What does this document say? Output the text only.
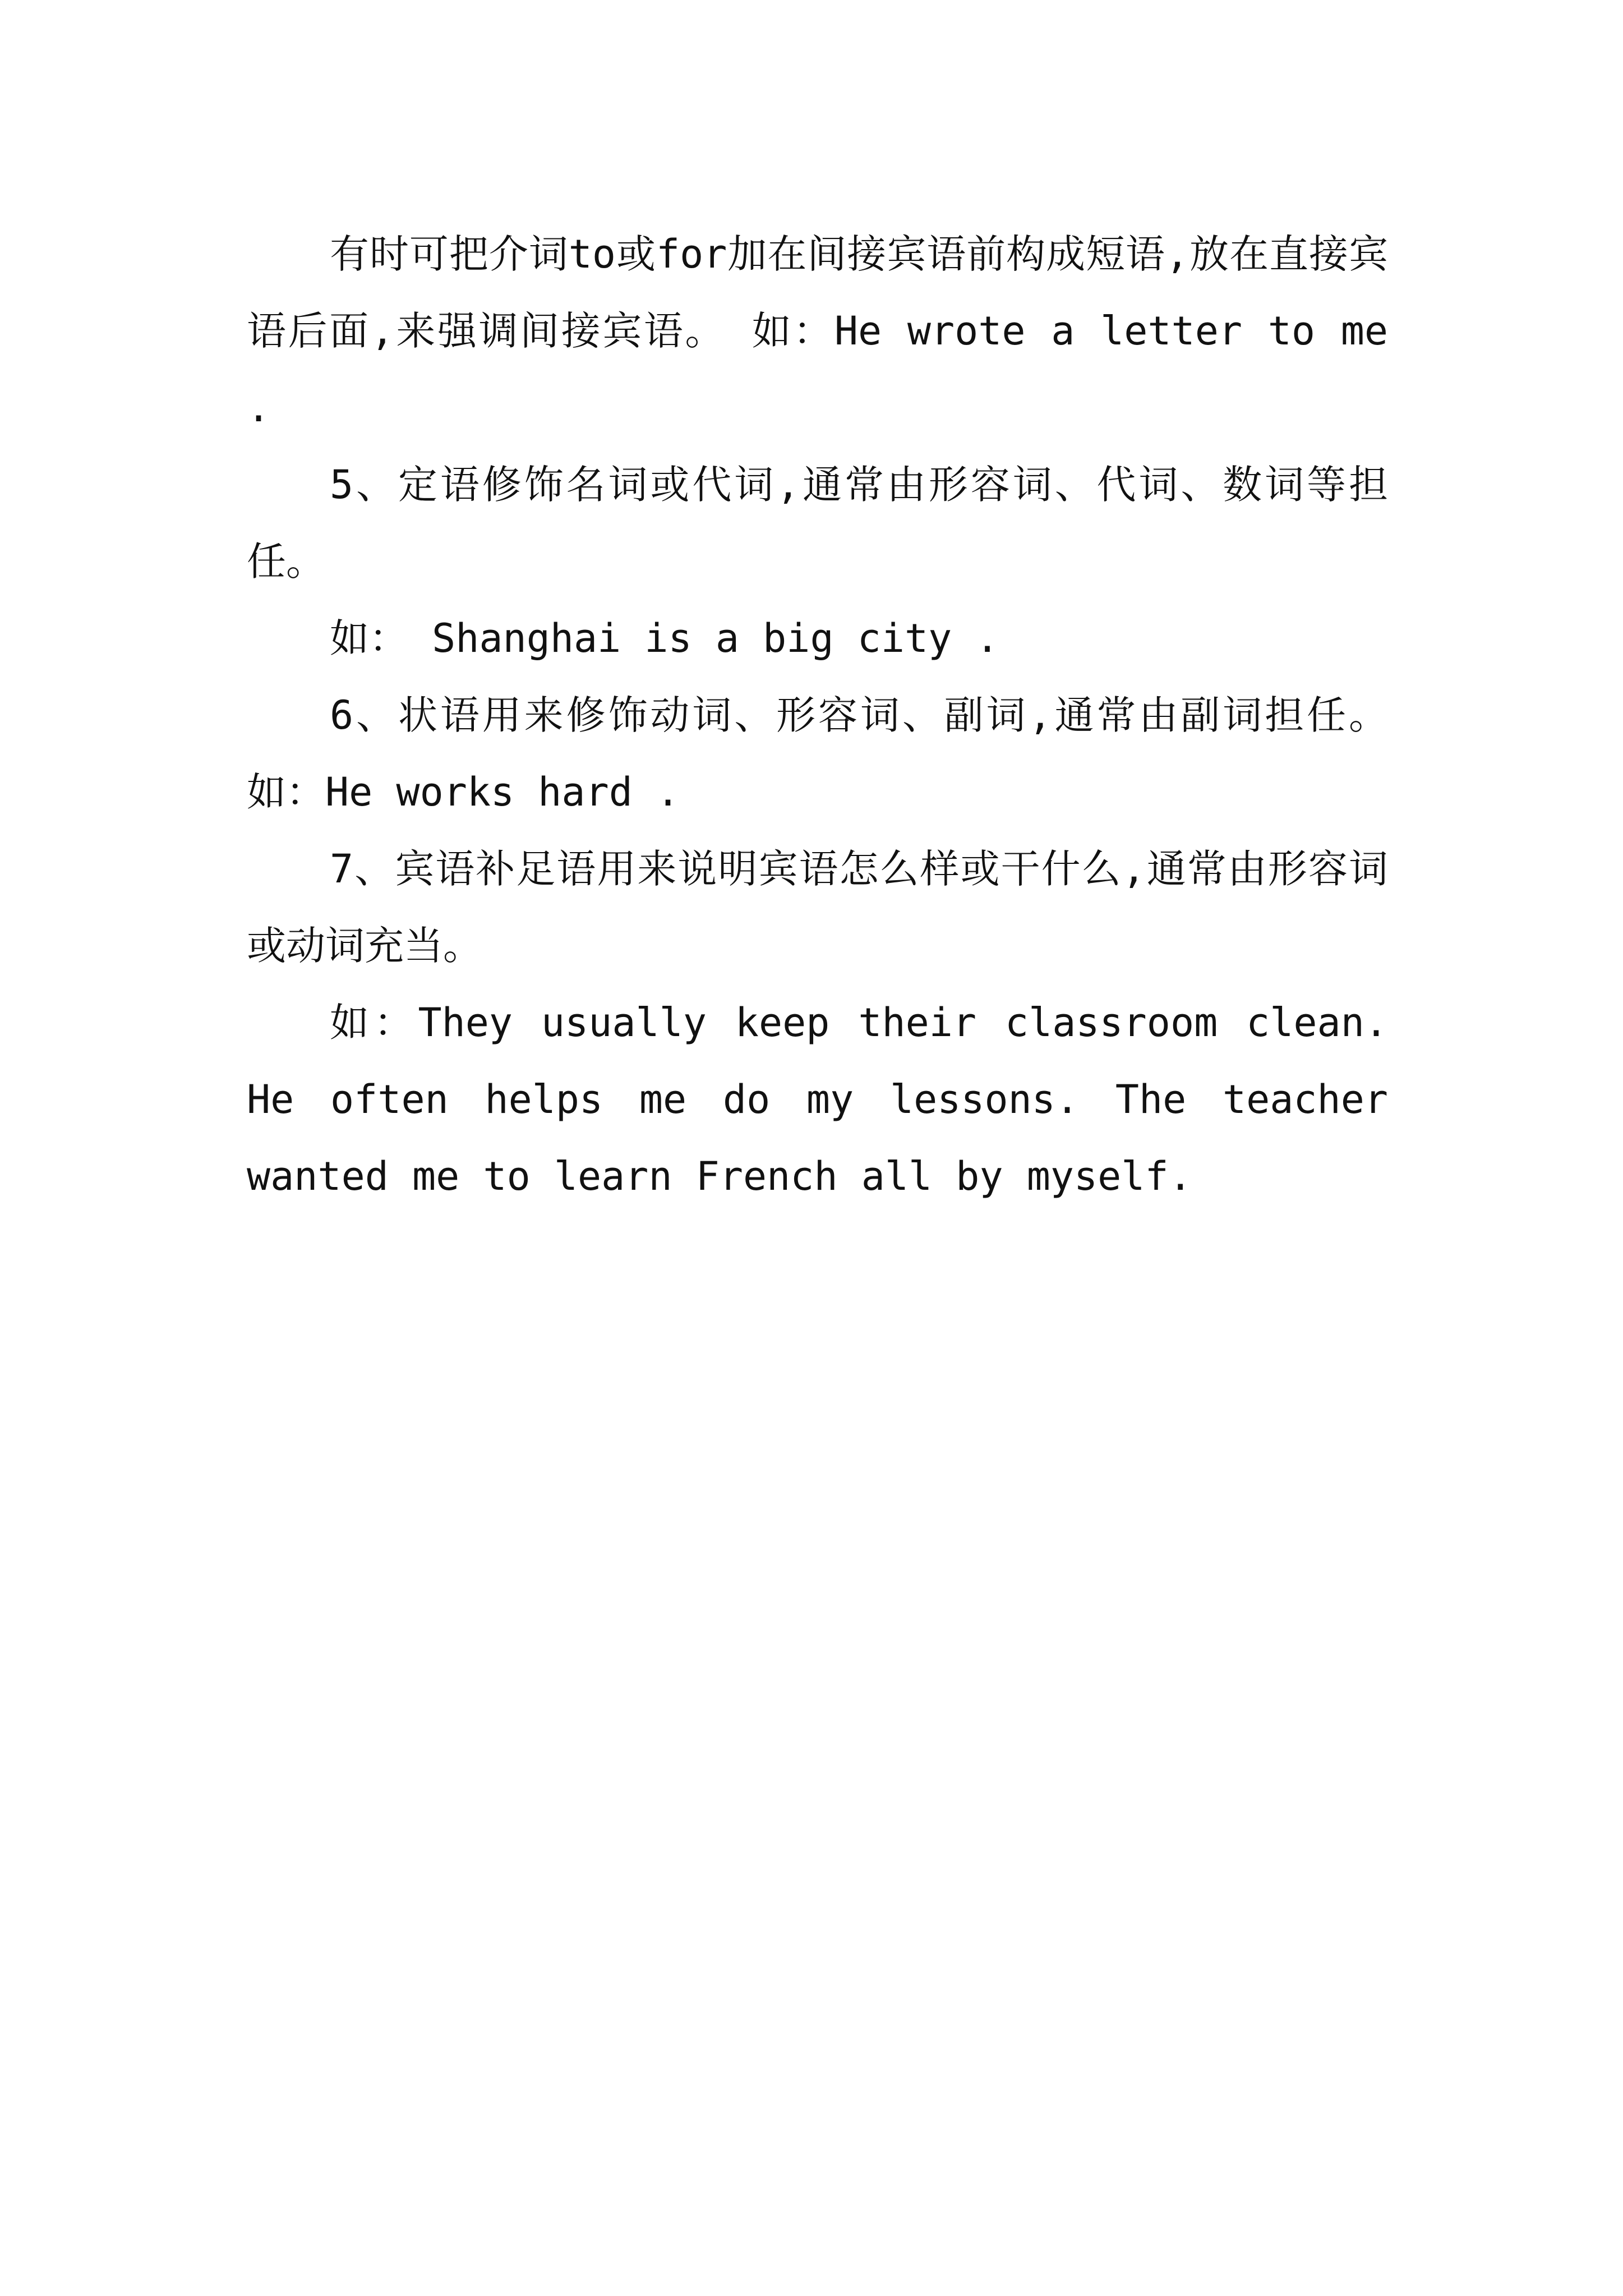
有时可把介词to或for加在间接宾语前构成短语,放在直接宾语后面,来强调间接宾语。 如：He wrote a letter to me .

5、定语修饰名词或代词,通常由形容词、代词、数词等担任。

如： Shanghai is a big city .

6、状语用来修饰动词、形容词、副词,通常由副词担任。如：He works hard .

7、宾语补足语用来说明宾语怎么样或干什么,通常由形容词或动词充当。

如：They usually keep their classroom clean. He often helps me do my lessons. The teacher wanted me to learn French all by myself.
